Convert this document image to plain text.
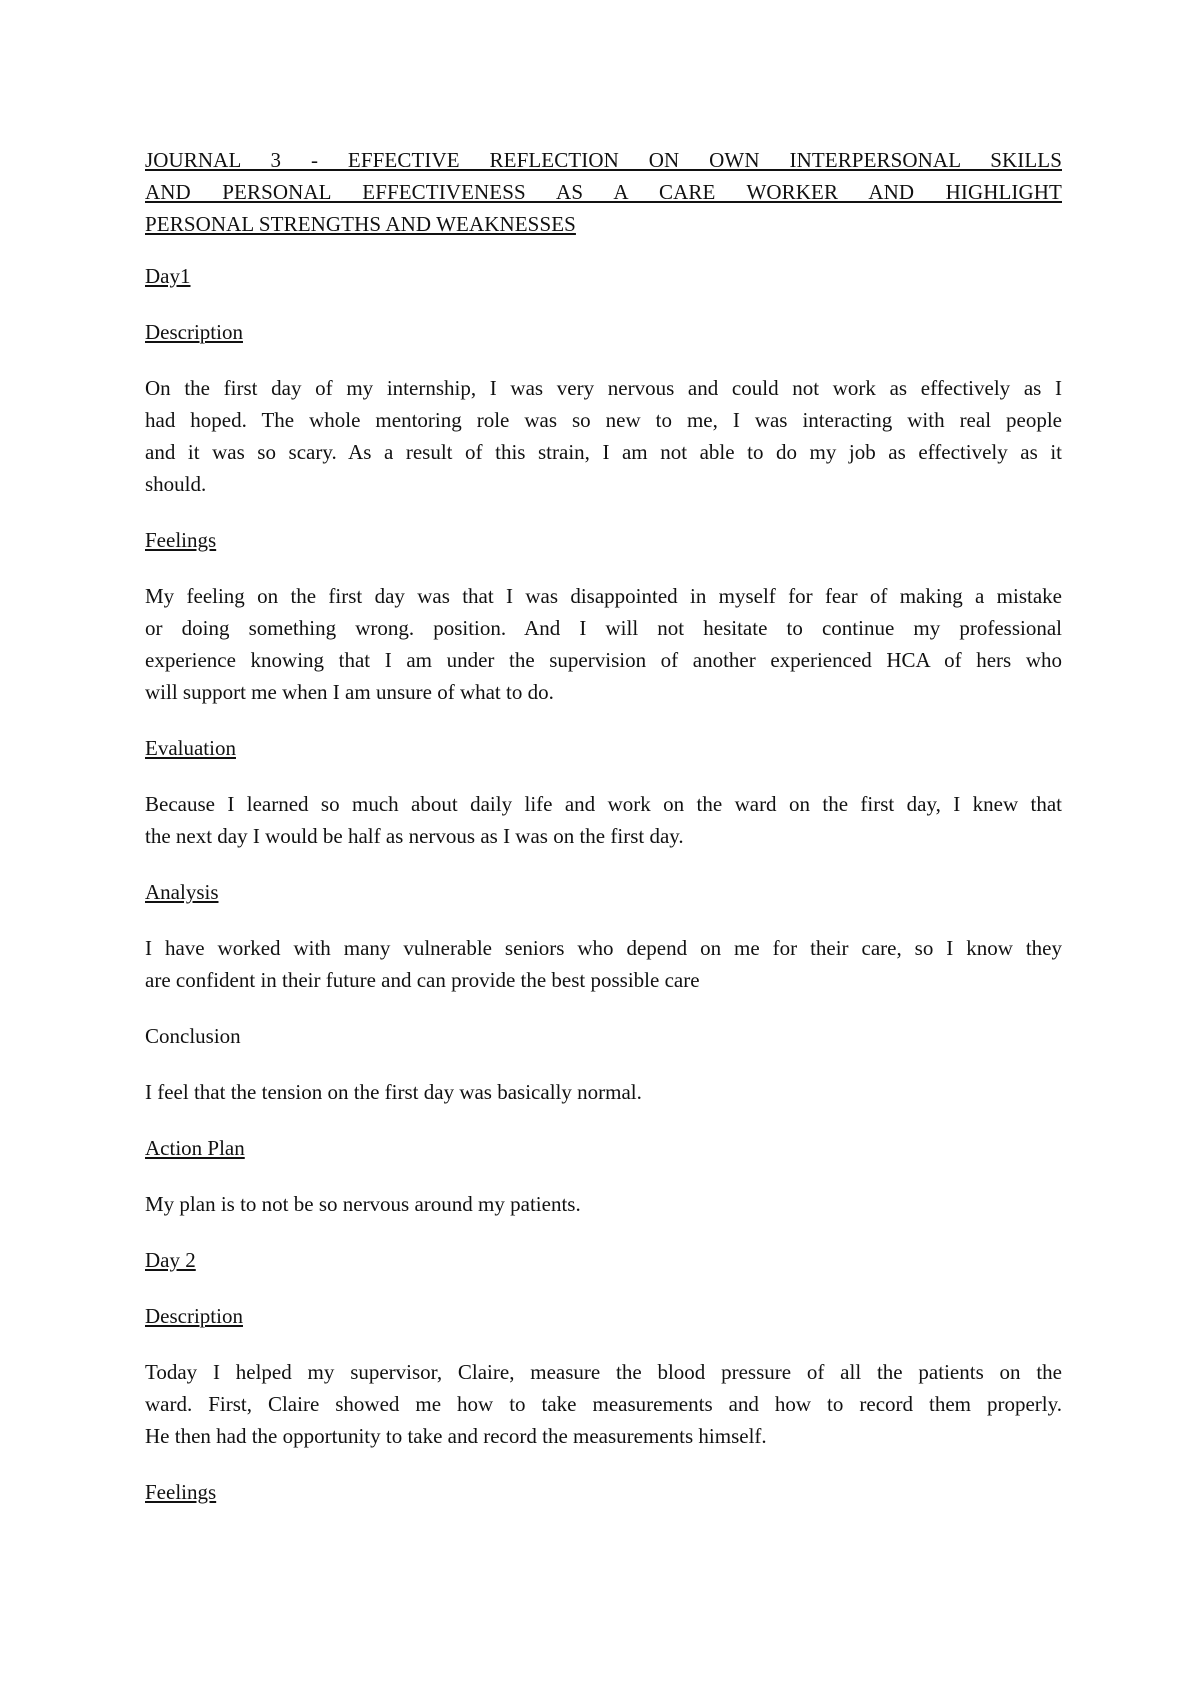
JOURNAL 3 - EFFECTIVE REFLECTION ON OWN INTERPERSONAL SKILLS
AND PERSONAL EFFECTIVENESS AS A CARE WORKER AND HIGHLIGHT
PERSONAL STRENGTHS AND WEAKNESSES
Day1
Description
On the first day of my internship, I was very nervous and could not work as effectively as I
had hoped. The whole mentoring role was so new to me, I was interacting with real people
and it was so scary. As a result of this strain, I am not able to do my job as effectively as it
should.
Feelings
My feeling on the first day was that I was disappointed in myself for fear of making a mistake
or doing something wrong. position. And I will not hesitate to continue my professional
experience knowing that I am under the supervision of another experienced HCA of hers who
will support me when I am unsure of what to do.
Evaluation
Because I learned so much about daily life and work on the ward on the first day, I knew that
the next day I would be half as nervous as I was on the first day.
Analysis
I have worked with many vulnerable seniors who depend on me for their care, so I know they
are confident in their future and can provide the best possible care
Conclusion
I feel that the tension on the first day was basically normal.
Action Plan
My plan is to not be so nervous around my patients.
Day 2
Description
Today I helped my supervisor, Claire, measure the blood pressure of all the patients on the
ward. First, Claire showed me how to take measurements and how to record them properly.
He then had the opportunity to take and record the measurements himself.
Feelings
